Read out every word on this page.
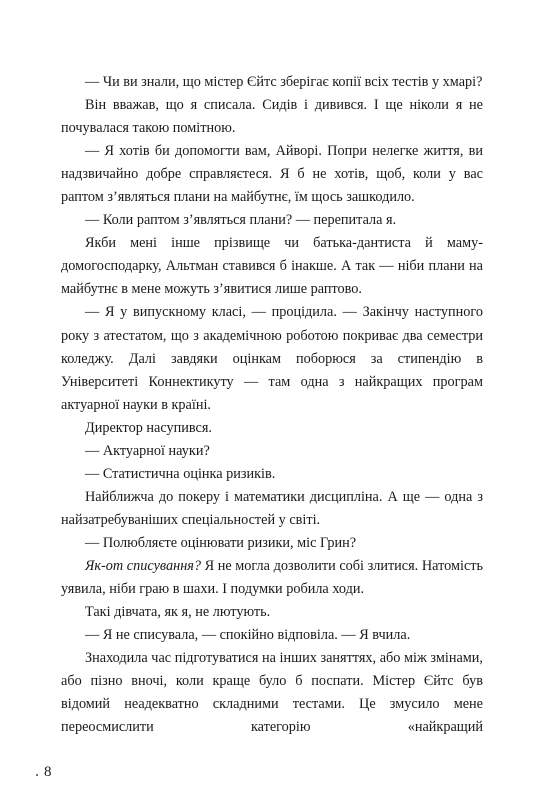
— Чи ви знали, що містер Єйтс зберігає копії всіх тестів у хмарі?

Він вважав, що я списала. Сидів і дивився. І ще ніколи я не почувалася такою помітною.

— Я хотів би допомогти вам, Айворі. Попри нелегке життя, ви надзвичайно добре справляєтеся. Я б не хотів, щоб, коли у вас раптом з’являться плани на майбутнє, їм щось зашкодило.

— Коли раптом з’являться плани? — перепитала я.

Якби мені інше прізвище чи батька-дантиста й маму-домогосподарку, Альтман ставився б інакше. А так — ніби плани на майбутнє в мене можуть з’явитися лише раптово.

— Я у випускному класі, — процідила. — Закінчу наступного року з атестатом, що з академічною роботою покриває два семестри коледжу. Далі завдяки оцінкам поборюся за стипендію в Університеті Коннектикуту — там одна з найкращих програм актуарної науки в країні.

Директор насупився.

— Актуарної науки?

— Статистична оцінка ризиків.

Найближча до покеру і математики дисципліна. А ще — одна з найзатребуваніших спеціальностей у світі.

— Полюбляєте оцінювати ризики, міс Грин?

Як-от списування? Я не могла дозволити собі злитися. Натомість уявила, ніби граю в шахи. І подумки робила ходи.

Такі дівчата, як я, не лютують.

— Я не списувала, — спокійно відповіла. — Я вчила.

Знаходила час підготуватися на інших заняттях, або між змінами, або пізно вночі, коли краще було б поспати. Містер Єйтс був відомий неадекватно складними тестами. Це змусило мене переосмислити категорію «найкращий

8
